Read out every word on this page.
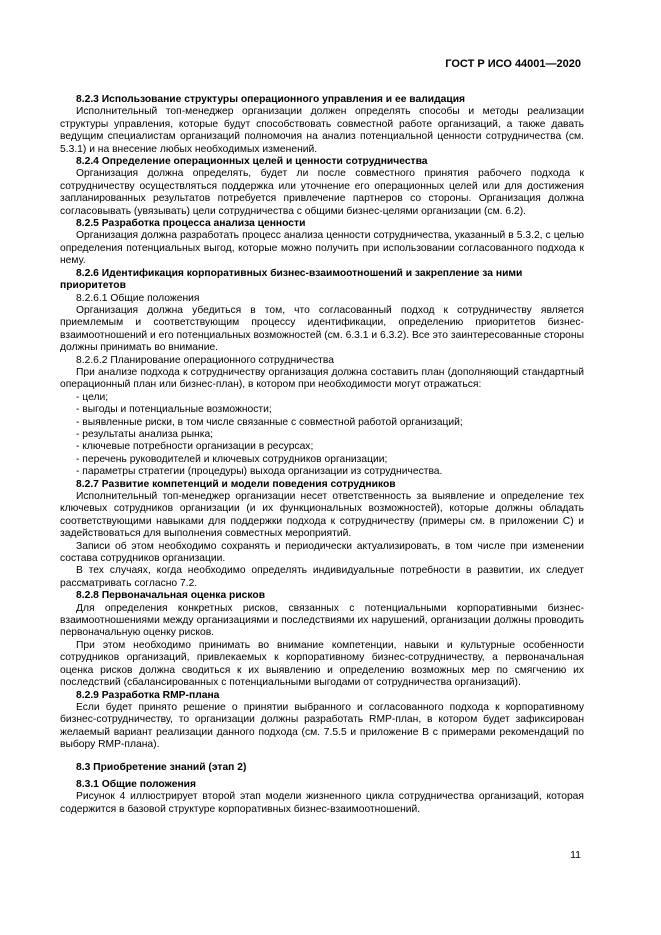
ГОСТ Р ИСО 44001—2020
8.2.3 Использование структуры операционного управления и ее валидация

Исполнительный топ-менеджер организации должен определять способы и методы реализации структуры управления, которые будут способствовать совместной работе организаций, а также давать ведущим специалистам организаций полномочия на анализ потенциальной ценности сотрудничества (см. 5.3.1) и на внесение любых необходимых изменений.

8.2.4 Определение операционных целей и ценности сотрудничества

Организация должна определять, будет ли после совместного принятия рабочего подхода к сотрудничеству осуществляться поддержка или уточнение его операционных целей или для достижения запланированных результатов потребуется привлечение партнеров со стороны. Организация должна согласовывать (увязывать) цели сотрудничества с общими бизнес-целями организации (см. 6.2).

8.2.5 Разработка процесса анализа ценности

Организация должна разработать процесс анализа ценности сотрудничества, указанный в 5.3.2, с целью определения потенциальных выгод, которые можно получить при использовании согласованного подхода к нему.

8.2.6 Идентификация корпоративных бизнес-взаимоотношений и закрепление за ними приоритетов
8.2.6.1 Общие положения

Организация должна убедиться в том, что согласованный подход к сотрудничеству является приемлемым и соответствующим процессу идентификации, определению приоритетов бизнес-взаимоотношений и его потенциальных возможностей (см. 6.3.1 и 6.3.2). Все это заинтересованные стороны должны принимать во внимание.

8.2.6.2 Планирование операционного сотрудничества

При анализе подхода к сотрудничеству организация должна составить план (дополняющий стандартный операционный план или бизнес-план), в котором при необходимости могут отражаться:

- цели;
- выгоды и потенциальные возможности;
- выявленные риски, в том числе связанные с совместной работой организаций;
- результаты анализа рынка;
- ключевые потребности организации в ресурсах;
- перечень руководителей и ключевых сотрудников организации;
- параметры стратегии (процедуры) выхода организации из сотрудничества.
8.2.7 Развитие компетенций и модели поведения сотрудников

Исполнительный топ-менеджер организации несет ответственность за выявление и определение тех ключевых сотрудников организации (и их функциональных возможностей), которые должны обладать соответствующими навыками для поддержки подхода к сотрудничеству (примеры см. в приложении С) и задействоваться для выполнения совместных мероприятий.

Записи об этом необходимо сохранять и периодически актуализировать, в том числе при изменении состава сотрудников организации.

В тех случаях, когда необходимо определять индивидуальные потребности в развитии, их следует рассматривать согласно 7.2.

8.2.8 Первоначальная оценка рисков

Для определения конкретных рисков, связанных с потенциальными корпоративными бизнес-взаимоотношениями между организациями и последствиями их нарушений, организации должны проводить первоначальную оценку рисков.

При этом необходимо принимать во внимание компетенции, навыки и культурные особенности сотрудников организаций, привлекаемых к корпоративному бизнес-сотрудничеству, а первоначальная оценка рисков должна сводиться к их выявлению и определению возможных мер по смягчению их последствий (сбалансированных с потенциальными выгодами от сотрудничества организаций).

8.2.9 Разработка RMP-плана

Если будет принято решение о принятии выбранного и согласованного подхода к корпоративному бизнес-сотрудничеству, то организации должны разработать RMP-план, в котором будет зафиксирован желаемый вариант реализации данного подхода (см. 7.5.5 и приложение В с примерами рекомендаций по выбору RMP-плана).

8.3 Приобретение знаний (этап 2)
8.3.1 Общие положения

Рисунок 4 иллюстрирует второй этап модели жизненного цикла сотрудничества организаций, которая содержится в базовой структуре корпоративных бизнес-взаимоотношений.

11
